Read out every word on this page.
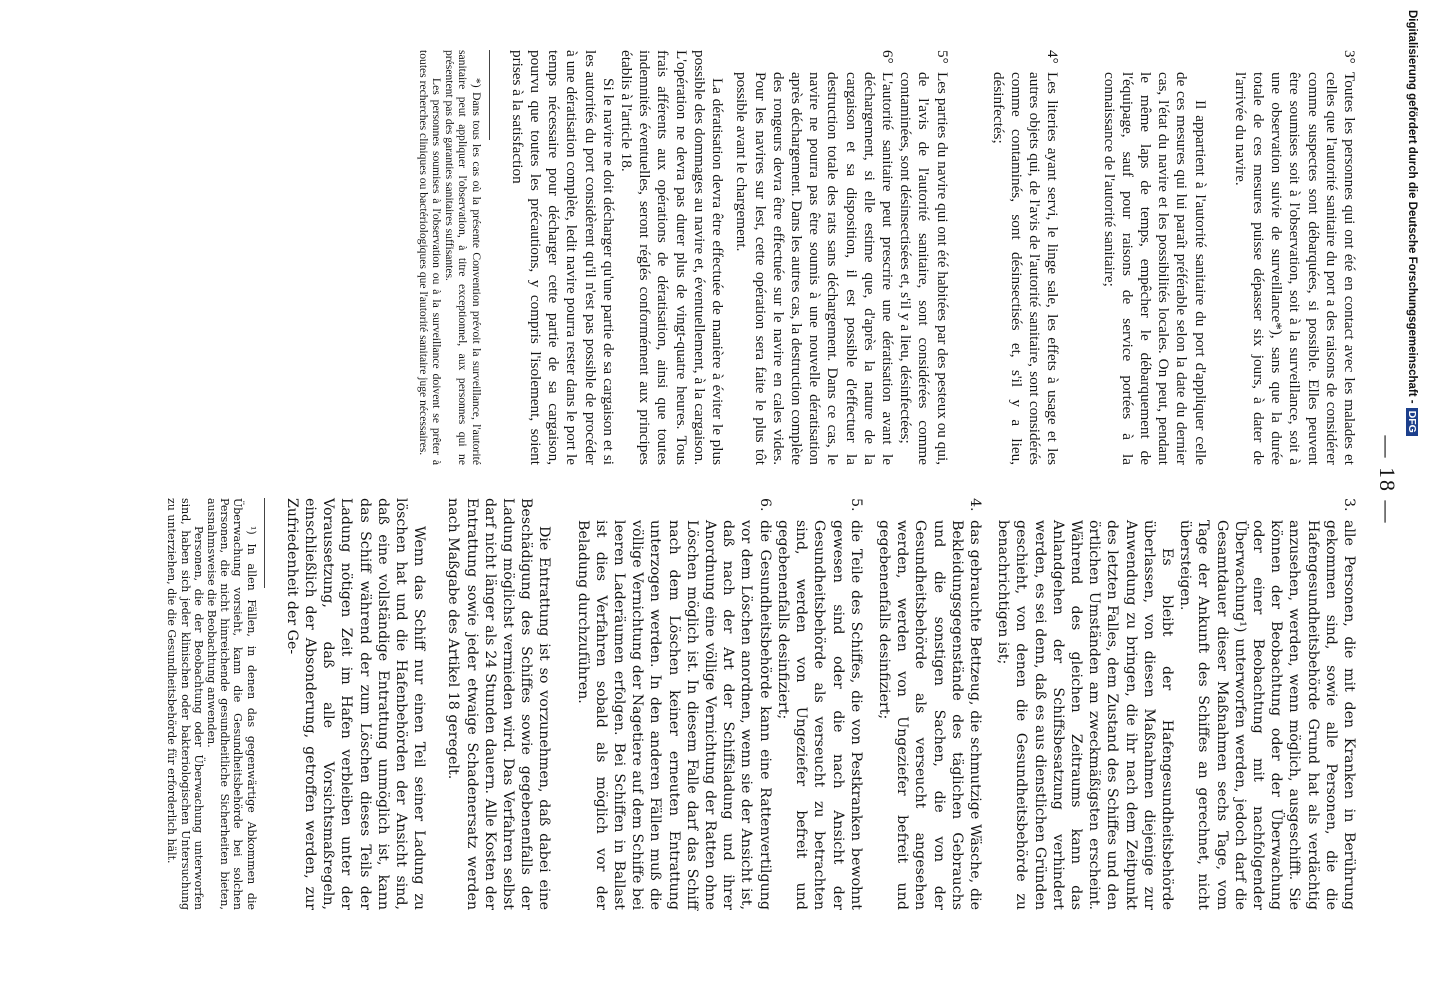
Digitalisierung gefördert durch die Deutsche Forschungsgemeinschaft -DFG
— 18 —
3°
Toutes les personnes qui ont été en contact avec les malades et celles que l'autorité sanitaire du port a des raisons de considérer comme suspectes sont débarquées, si possible. Elles peuvent être soumises soit à l'observation, soit à la surveillance, soit à une observation suivie de surveillance*), sans que la durée totale de ces mesures puisse dépasser six jours, à dater de l'arrivée du navire.

Il appartient à l'autorité sanitaire du port d'appliquer celle de ces mesures qui lui paraît préférable selon la date du dernier cas, l'état du navire et les possibilités locales. On peut, pendant le même laps de temps, empêcher le débarquement de l'équipage, sauf pour raisons de service portées à la connaissance de l'autorité sanitaire;

4°
Les literies ayant servi, le linge sale, les effets à usage et les autres objets qui, de l'avis de l'autorité sanitaire, sont considérés comme contaminés, sont désinsectisés et, s'il y a lieu, désinfectés;
5°
Les parties du navire qui ont été habitées par des pesteux ou qui, de l'avis de l'autorité sanitaire, sont considérées comme contaminées, sont désinsectisées et, s'il y a lieu, désinfectées;
6°
L'autorité sanitaire peut prescrire une dératisation avant le déchargement, si elle estime que, d'après la nature de la cargaison et sa disposition, il est possible d'effectuer la destruction totale des rats sans déchargement. Dans ce cas, le navire ne pourra pas être soumis à une nouvelle dératisation après déchargement. Dans les autres cas, la destruction complète des rongeurs devra être effectuée sur le navire en cales vides. Pour les navires sur lest, cette opération sera faite le plus tôt possible avant le chargement.

La dératisation devra être effectuée de manière à éviter le plus possible des dommages au navire et, éventuellement, à la cargaison. L'opération ne devra pas durer plus de vingt-quatre heures. Tous frais afférents aux opérations de dératisation, ainsi que toutes indemnités éventuelles, seront réglés conformément aux principes établis à l'article 18.

Si le navire ne doit décharger qu'une partie de sa cargaison et si les autorités du port considèrent qu'il n'est pas possible de procéder à une dératisation complète, ledit navire pourra rester dans le port le temps nécessaire pour décharger cette partie de sa cargaison, pourvu que toutes les précautions, y compris l'isolement, soient prises à la satisfaction

*) Dans tous les cas où la présente Convention prévoit la surveillance, l'autorité sanitaire peut appliquer l'observation, à titre exceptionnel, aux personnes qui ne présentent pas des garanties sanitaires suffisantes.

Les personnes soumises à l'observation ou à la surveillance doivent se prêter à toutes recherches cliniques ou bactériologiques que l'autorité sanitaire juge nécessaires.

3.
alle Personen, die mit den Kranken in Berührung gekommen sind, sowie alle Personen, die die Hafengesundheitsbehörde Grund hat als verdächtig anzusehen, werden, wenn möglich, ausgeschifft. Sie können der Beobachtung oder der Überwachung oder einer Beobachtung mit nachfolgender Überwachung¹) unterworfen werden, jedoch darf die Gesamtdauer dieser Maßnahmen sechs Tage, vom Tage der Ankunft des Schiffes an gerechnet, nicht übersteigen.

Es bleibt der Hafengesundheitsbehörde überlassen, von diesen Maßnahmen diejenige zur Anwendung zu bringen, die ihr nach dem Zeitpunkt des letzten Falles, dem Zustand des Schiffes und den örtlichen Umständen am zweckmäßigsten erscheint. Während des gleichen Zeitraums kann das Anlandgehen der Schiffsbesatzung verhindert werden, es sei denn, daß es aus dienstlichen Gründen geschieht, von denen die Gesundheitsbehörde zu benachrichtigen ist;

4.
das gebrauchte Bettzeug, die schmutzige Wäsche, die Bekleidungsgegenstände des täglichen Gebrauchs und die sonstigen Sachen, die von der Gesundheitsbehörde als verseucht angesehen werden, werden von Ungeziefer befreit und gegebenenfalls desinfiziert;
5.
die Teile des Schiffes, die von Pestkranken bewohnt gewesen sind oder die nach Ansicht der Gesundheitsbehörde als verseucht zu betrachten sind, werden von Ungeziefer befreit und gegebenenfalls desinfiziert;
6.
die Gesundheitsbehörde kann eine Rattenvertilgung vor dem Löschen anordnen, wenn sie der Ansicht ist, daß nach der Art der Schiffsladung und ihrer Anordnung eine völlige Vernichtung der Ratten ohne Löschen möglich ist. In diesem Falle darf das Schiff nach dem Löschen keiner erneuten Entrattung unterzogen werden. In den anderen Fällen muß die völlige Vernichtung der Nagetiere auf dem Schiffe bei leeren Laderäumen erfolgen. Bei Schiffen in Ballast ist dies Verfahren sobald als möglich vor der Beladung durchzuführen.

Die Entrattung ist so vorzunehmen, daß dabei eine Beschädigung des Schiffes sowie gegebenenfalls der Ladung möglichst vermieden wird. Das Verfahren selbst darf nicht länger als 24 Stunden dauern. Alle Kosten der Entrattung sowie jeder etwaige Schadenersatz werden nach Maßgabe des Artikel 18 geregelt.

Wenn das Schiff nur einen Teil seiner Ladung zu löschen hat und die Hafenbehörden der Ansicht sind, daß eine vollständige Entrattung unmöglich ist, kann das Schiff während der zum Löschen dieses Teils der Ladung nötigen Zeit im Hafen verbleiben unter der Voraussetzung, daß alle Vorsichtsmaßregeln, einschließlich der Absonderung, getroffen werden, zur Zufriedenheit der Ge-

¹) In allen Fällen, in denen das gegenwärtige Abkommen die Überwachung vorsieht, kann die Gesundheitsbehörde bei solchen Personen, die nicht hinreichende gesundheitliche Sicherheiten bieten, ausnahmsweise die Beobachtung anwenden.

Personen, die der Beobachtung oder Überwachung unterworfen sind, haben sich jeder klinischen oder bakteriologischen Untersuchung zu unterziehen, die die Gesundheitsbehörde für erforderlich hält.
